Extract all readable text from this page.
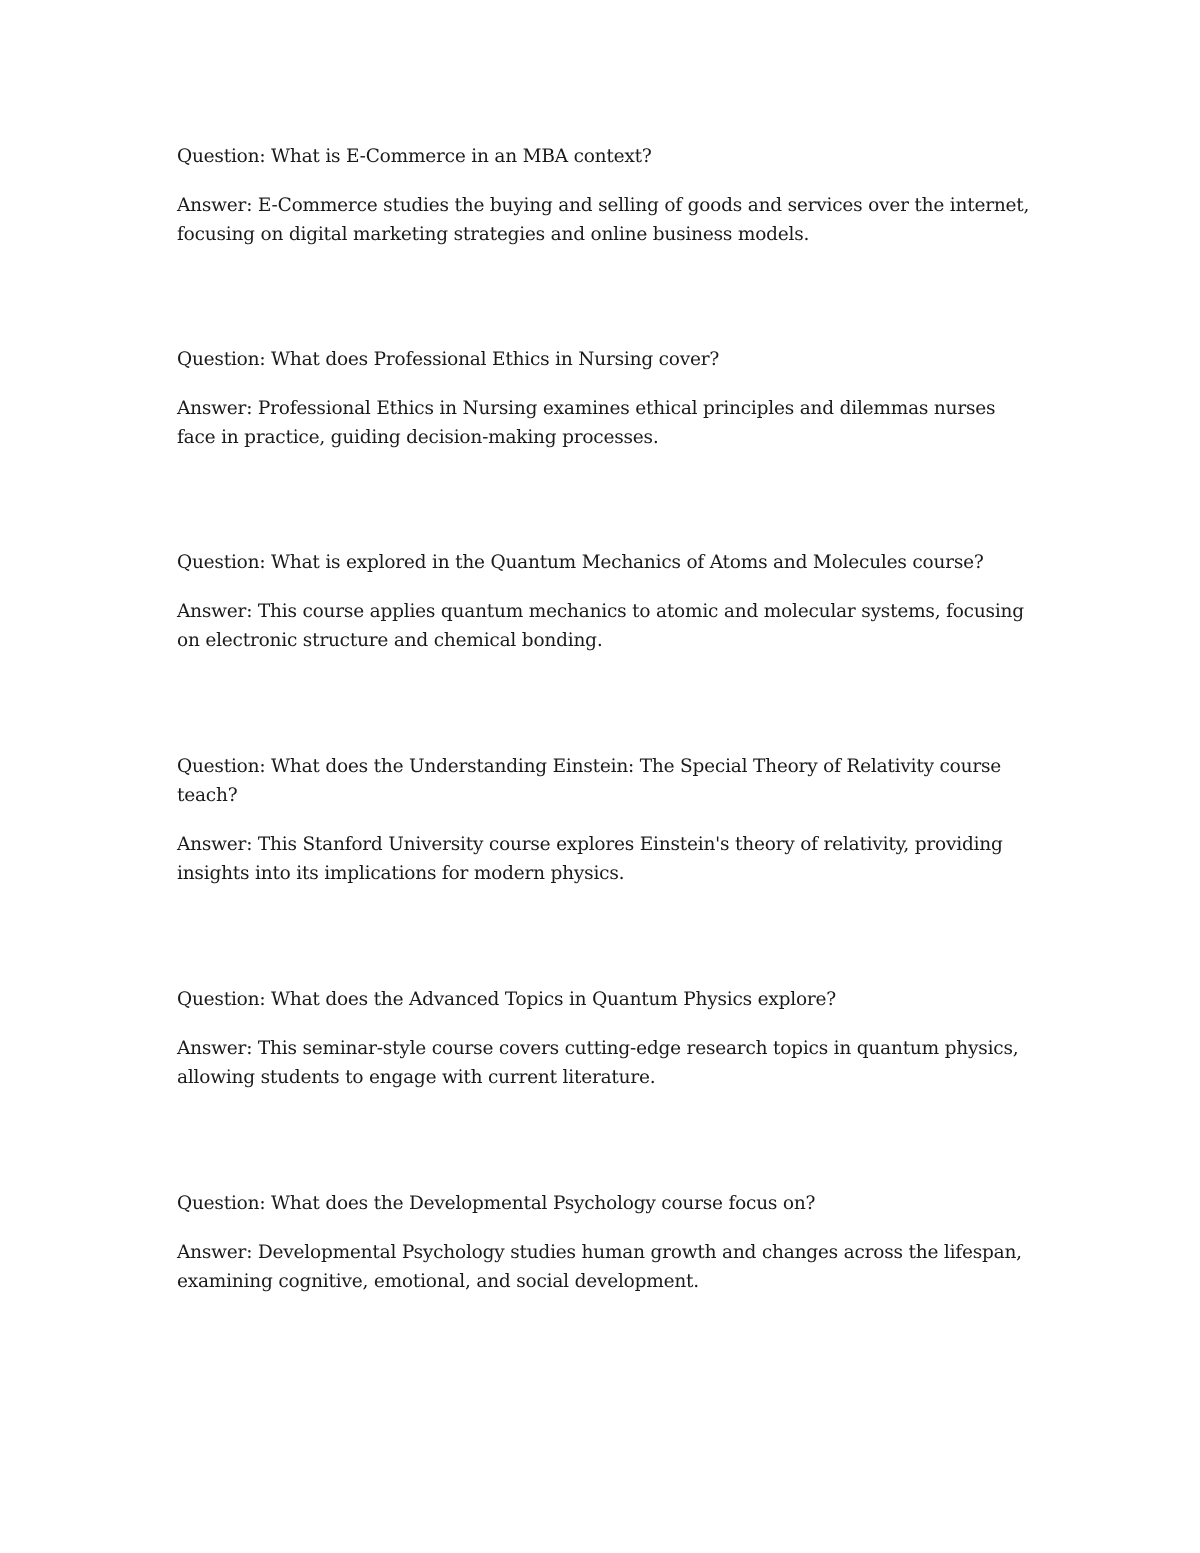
Question: What is E-Commerce in an MBA context?

Answer: E-Commerce studies the buying and selling of goods and services over the internet, focusing on digital marketing strategies and online business models.

Question: What does Professional Ethics in Nursing cover?

Answer: Professional Ethics in Nursing examines ethical principles and dilemmas nurses face in practice, guiding decision-making processes.

Question: What is explored in the Quantum Mechanics of Atoms and Molecules course?

Answer: This course applies quantum mechanics to atomic and molecular systems, focusing on electronic structure and chemical bonding.

Question: What does the Understanding Einstein: The Special Theory of Relativity course teach?

Answer: This Stanford University course explores Einstein's theory of relativity, providing insights into its implications for modern physics.

Question: What does the Advanced Topics in Quantum Physics explore?

Answer: This seminar-style course covers cutting-edge research topics in quantum physics, allowing students to engage with current literature.

Question: What does the Developmental Psychology course focus on?

Answer: Developmental Psychology studies human growth and changes across the lifespan, examining cognitive, emotional, and social development.
